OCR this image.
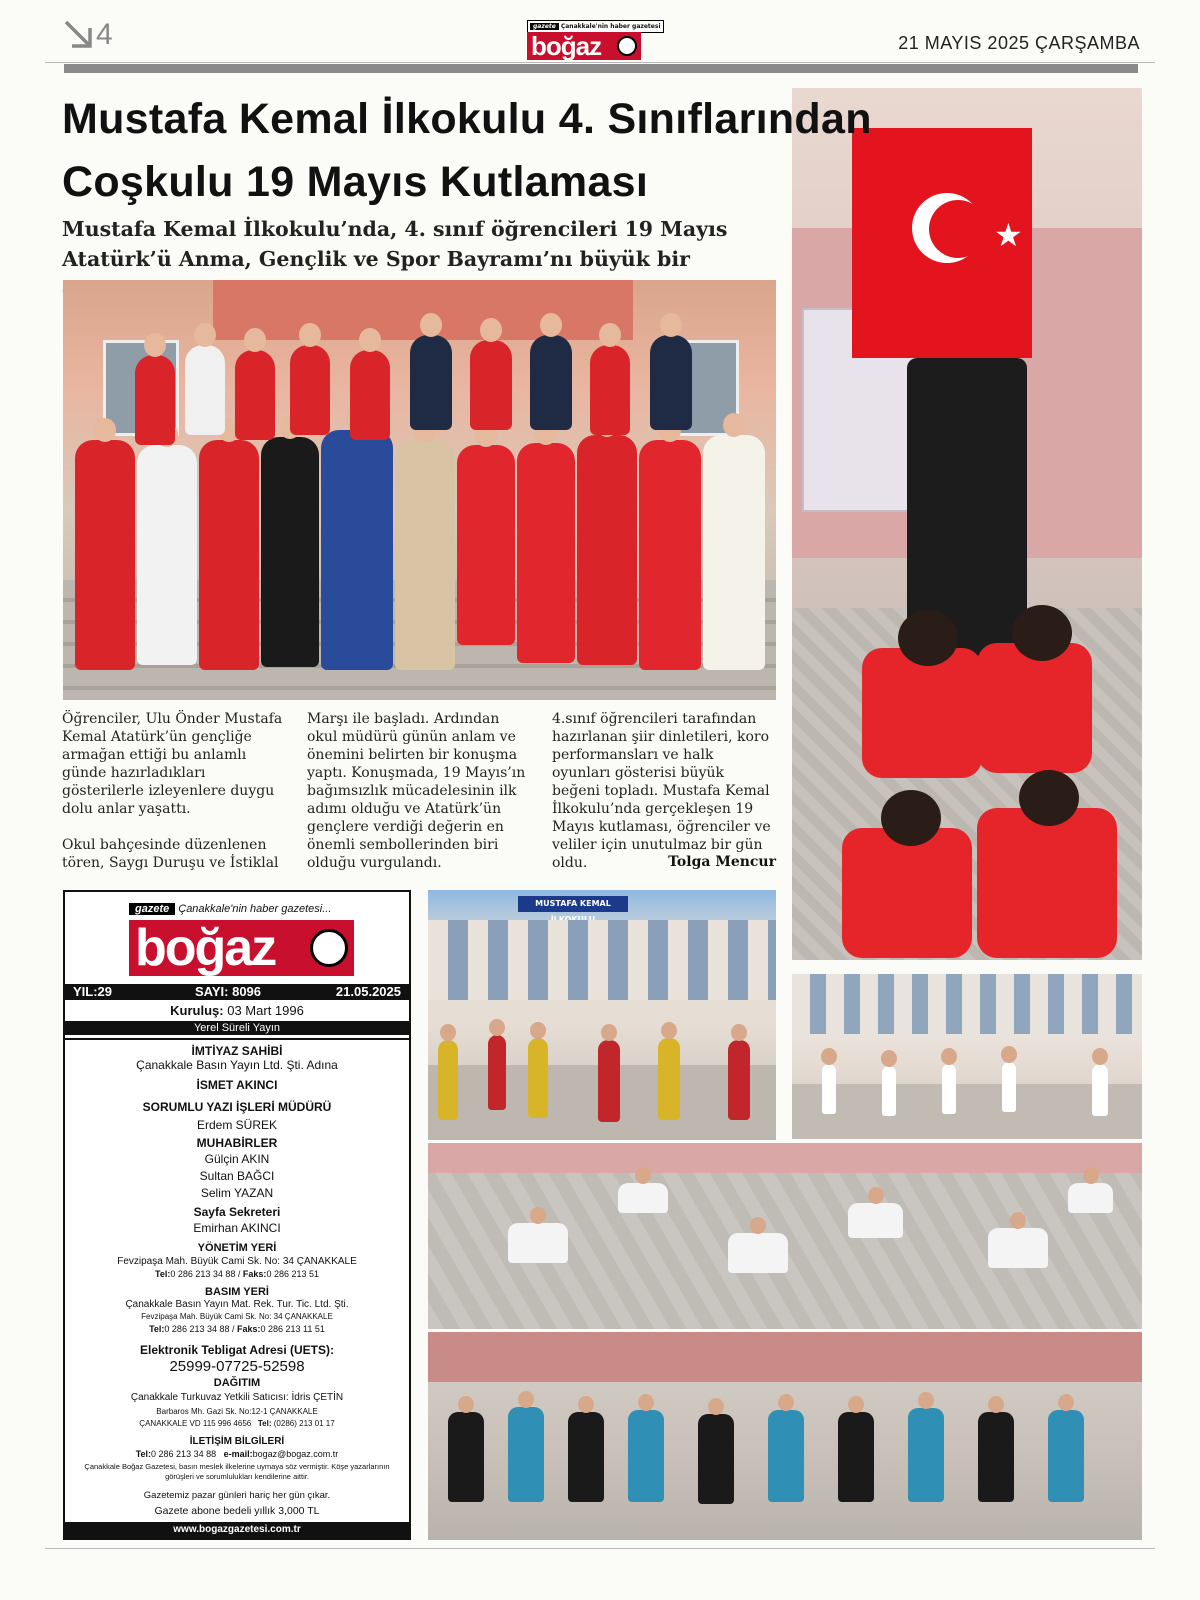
4	gazete Çanakkale'nin haber gazetesi
boğaz	21 MAYIS 2025 ÇARŞAMBA
Mustafa Kemal İlkokulu 4. Sınıflarından
Coşkulu 19 Mayıs Kutlaması
Mustafa Kemal İlkokulu’nda, 4. sınıf öğrencileri 19 Mayıs Atatürk’ü Anma, Gençlik ve Spor Bayramı’nı büyük bir
★

Öğrenciler, Ulu Önder Mustafa Kemal Atatürk’ün gençliğe armağan ettiği bu anlamlı günde hazırladıkları gösterilerle izleyenlere duygu dolu anlar yaşattı.

Okul bahçesinde düzenlenen tören, Saygı Duruşu ve İstiklal

Marşı ile başladı. Ardından okul müdürü günün anlam ve önemini belirten bir konuşma yaptı. Konuşmada, 19 Mayıs’ın bağımsızlık mücadelesinin ilk adımı olduğu ve Atatürk’ün gençlere verdiği değerin en önemli sembollerinden biri olduğu vurgulandı.

4.sınıf öğrencileri tarafından hazırlanan şiir dinletileri, koro performansları ve halk oyunları gösterisi büyük beğeni topladı. Mustafa Kemal İlkokulu’nda gerçekleşen 19 Mayıs kutlaması, öğrenciler ve veliler için unutulmaz bir gün oldu.	Tolga Mencur
gazete Çanakkale'nin haber gazetesi...
boğaz
YIL:29	SAYI: 8096	21.05.2025
Kuruluş: 03 Mart 1996
Yerel Süreli Yayın
İMTİYAZ SAHİBİ
Çanakkale Basın Yayın Ltd. Şti. Adına
İSMET AKINCI
SORUMLU YAZI İŞLERİ MÜDÜRÜ
Erdem SÜREK
MUHABİRLER
Gülçin AKIN
Sultan BAĞCI
Selim YAZAN
Sayfa Sekreteri
Emirhan AKINCI
YÖNETİM YERİ
Fevzipaşa Mah. Büyük Cami Sk. No: 34 ÇANAKKALE
Tel:0 286 213 34 88 / Faks:0 286 213 51
BASIM YERİ
Çanakkale Basın Yayın Mat. Rek. Tur. Tic. Ltd. Şti.
Fevzipaşa Mah. Büyük Cami Sk. No: 34 ÇANAKKALE
Tel:0 286 213 34 88 / Faks:0 286 213 11 51
Elektronik Tebligat Adresi (UETS):
25999-07725-52598
DAĞITIM
Çanakkale Turkuvaz Yetkili Satıcısı: İdris ÇETİN
Barbaros Mh. Gazi Sk. No:12-1 ÇANAKKALE
ÇANAKKALE VD 115 996 4656 Tel: (0286) 213 01 17
İLETİŞİM BİLGİLERİ
Tel:0 286 213 34 88 e-mail:bogaz@bogaz.com.tr
Çanakkale Boğaz Gazetesi, basın meslek ilkelerine uymaya söz vermiştir. Köşe yazarlarının görüşleri ve sorumlulukları kendilerine aittir.
Gazetemiz pazar günleri hariç her gün çıkar.
Gazete abone bedeli yıllık 3,000 TL
www.bogazgazetesi.com.tr
MUSTAFA KEMAL
